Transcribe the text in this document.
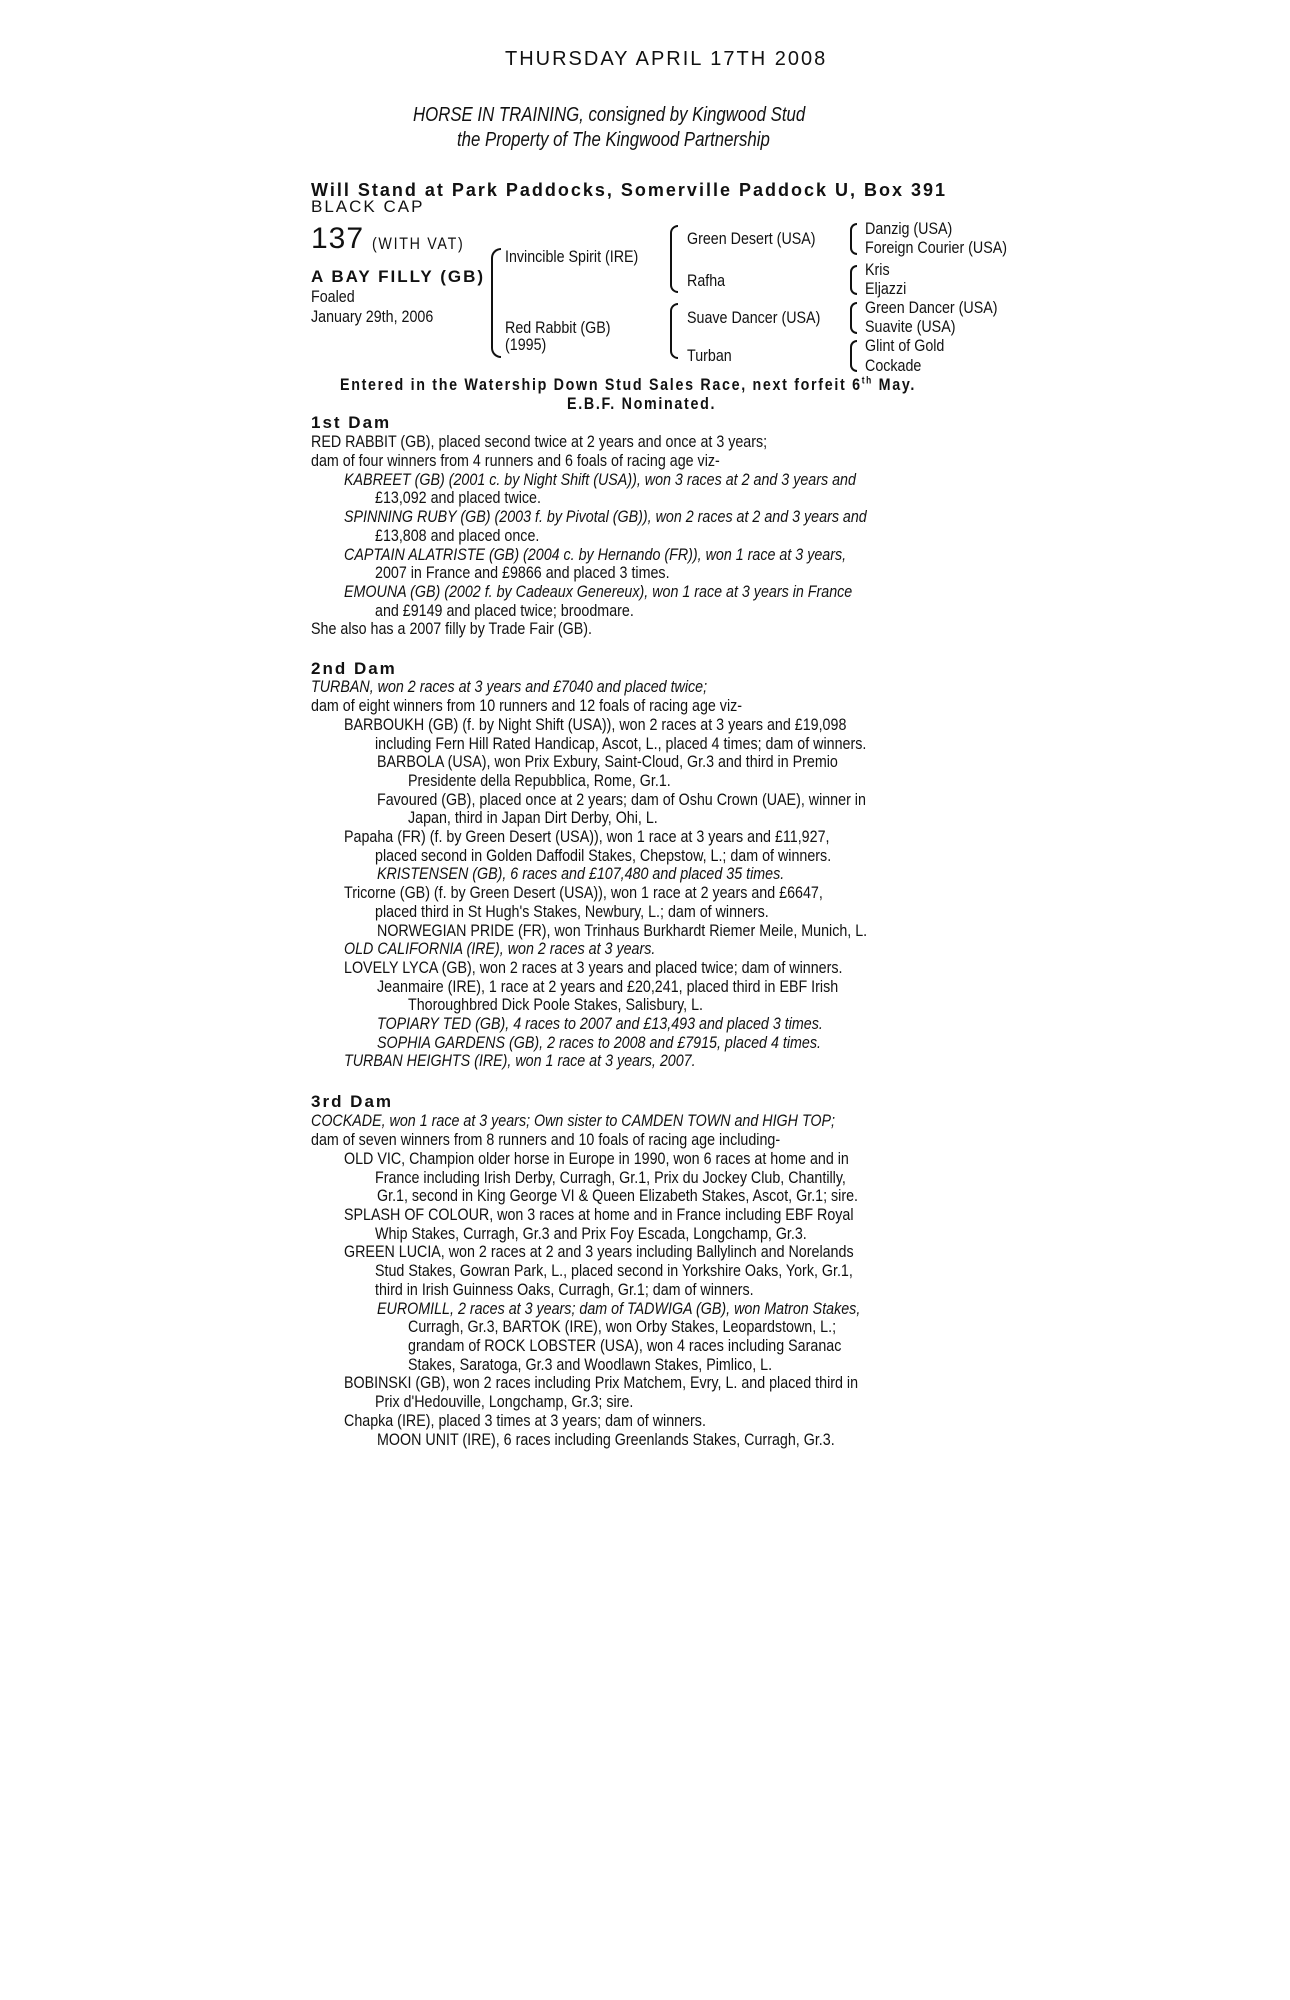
THURSDAY APRIL 17TH 2008
HORSE IN TRAINING, consigned by Kingwood Stud
the Property of The Kingwood Partnership
Will Stand at Park Paddocks, Somerville Paddock U, Box 391
BLACK CAP
137 (WITH VAT)
A BAY FILLY (GB)
Foaled
January 29th, 2006
Invincible Spirit (IRE)
Red Rabbit (GB)
(1995)
Green Desert (USA)
Rafha
Suave Dancer (USA)
Turban
Danzig (USA)
Foreign Courier (USA)
Kris
Eljazzi
Green Dancer (USA)
Suavite (USA)
Glint of Gold
Cockade
Entered in the Watership Down Stud Sales Race, next forfeit 6th May.
E.B.F. Nominated.
1st Dam
RED RABBIT (GB), placed second twice at 2 years and once at 3 years;
dam of four winners from 4 runners and 6 foals of racing age viz-
KABREET (GB) (2001 c. by Night Shift (USA)), won 3 races at 2 and 3 years and
£13,092 and placed twice.
SPINNING RUBY (GB) (2003 f. by Pivotal (GB)), won 2 races at 2 and 3 years and
£13,808 and placed once.
CAPTAIN ALATRISTE (GB) (2004 c. by Hernando (FR)), won 1 race at 3 years,
2007 in France and £9866 and placed 3 times.
EMOUNA (GB) (2002 f. by Cadeaux Genereux), won 1 race at 3 years in France
and £9149 and placed twice; broodmare.
She also has a 2007 filly by Trade Fair (GB).
2nd Dam
TURBAN, won 2 races at 3 years and £7040 and placed twice;
dam of eight winners from 10 runners and 12 foals of racing age viz-
BARBOUKH (GB) (f. by Night Shift (USA)), won 2 races at 3 years and £19,098
including Fern Hill Rated Handicap, Ascot, L., placed 4 times; dam of winners.
BARBOLA (USA), won Prix Exbury, Saint-Cloud, Gr.3 and third in Premio
Presidente della Repubblica, Rome, Gr.1.
Favoured (GB), placed once at 2 years; dam of Oshu Crown (UAE), winner in
Japan, third in Japan Dirt Derby, Ohi, L.
Papaha (FR) (f. by Green Desert (USA)), won 1 race at 3 years and £11,927,
placed second in Golden Daffodil Stakes, Chepstow, L.; dam of winners.
KRISTENSEN (GB), 6 races and £107,480 and placed 35 times.
Tricorne (GB) (f. by Green Desert (USA)), won 1 race at 2 years and £6647,
placed third in St Hugh's Stakes, Newbury, L.; dam of winners.
NORWEGIAN PRIDE (FR), won Trinhaus Burkhardt Riemer Meile, Munich, L.
OLD CALIFORNIA (IRE), won 2 races at 3 years.
LOVELY LYCA (GB), won 2 races at 3 years and placed twice; dam of winners.
Jeanmaire (IRE), 1 race at 2 years and £20,241, placed third in EBF Irish
Thoroughbred Dick Poole Stakes, Salisbury, L.
TOPIARY TED (GB), 4 races to 2007 and £13,493 and placed 3 times.
SOPHIA GARDENS (GB), 2 races to 2008 and £7915, placed 4 times.
TURBAN HEIGHTS (IRE), won 1 race at 3 years, 2007.
3rd Dam
COCKADE, won 1 race at 3 years; Own sister to CAMDEN TOWN and HIGH TOP;
dam of seven winners from 8 runners and 10 foals of racing age including-
OLD VIC, Champion older horse in Europe in 1990, won 6 races at home and in
France including Irish Derby, Curragh, Gr.1, Prix du Jockey Club, Chantilly,
Gr.1, second in King George VI & Queen Elizabeth Stakes, Ascot, Gr.1; sire.
SPLASH OF COLOUR, won 3 races at home and in France including EBF Royal
Whip Stakes, Curragh, Gr.3 and Prix Foy Escada, Longchamp, Gr.3.
GREEN LUCIA, won 2 races at 2 and 3 years including Ballylinch and Norelands
Stud Stakes, Gowran Park, L., placed second in Yorkshire Oaks, York, Gr.1,
third in Irish Guinness Oaks, Curragh, Gr.1; dam of winners.
EUROMILL, 2 races at 3 years; dam of TADWIGA (GB), won Matron Stakes,
Curragh, Gr.3, BARTOK (IRE), won Orby Stakes, Leopardstown, L.;
grandam of ROCK LOBSTER (USA), won 4 races including Saranac
Stakes, Saratoga, Gr.3 and Woodlawn Stakes, Pimlico, L.
BOBINSKI (GB), won 2 races including Prix Matchem, Evry, L. and placed third in
Prix d'Hedouville, Longchamp, Gr.3; sire.
Chapka (IRE), placed 3 times at 3 years; dam of winners.
MOON UNIT (IRE), 6 races including Greenlands Stakes, Curragh, Gr.3.
